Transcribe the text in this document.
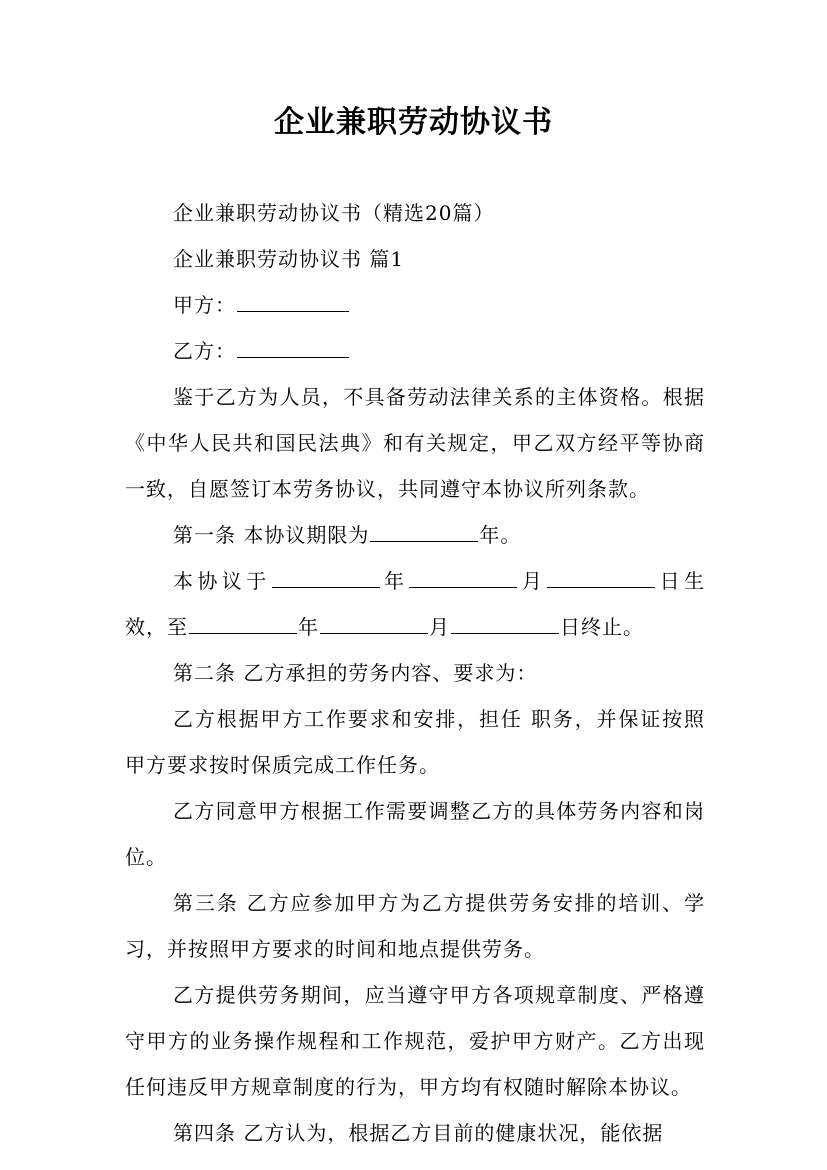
企业兼职劳动协议书

企业兼职劳动协议书（精选20篇）

企业兼职劳动协议书 篇1

甲方：

乙方：

鉴于乙方为人员，不具备劳动法律关系的主体资格。根据《中华人民共和国民法典》和有关规定，甲乙双方经平等协商一致，自愿签订本劳务协议，共同遵守本协议所列条款。

第一条 本协议期限为	年。

本协议于	年	月	日生效，至	年	月	日终止。

第二条 乙方承担的劳务内容、要求为：

乙方根据甲方工作要求和安排，担任 职务，并保证按照甲方要求按时保质完成工作任务。

乙方同意甲方根据工作需要调整乙方的具体劳务内容和岗位。

第三条 乙方应参加甲方为乙方提供劳务安排的培训、学习，并按照甲方要求的时间和地点提供劳务。

乙方提供劳务期间，应当遵守甲方各项规章制度、严格遵守甲方的业务操作规程和工作规范，爱护甲方财产。乙方出现任何违反甲方规章制度的行为，甲方均有权随时解除本协议。

第四条 乙方认为，根据乙方目前的健康状况，能依据
